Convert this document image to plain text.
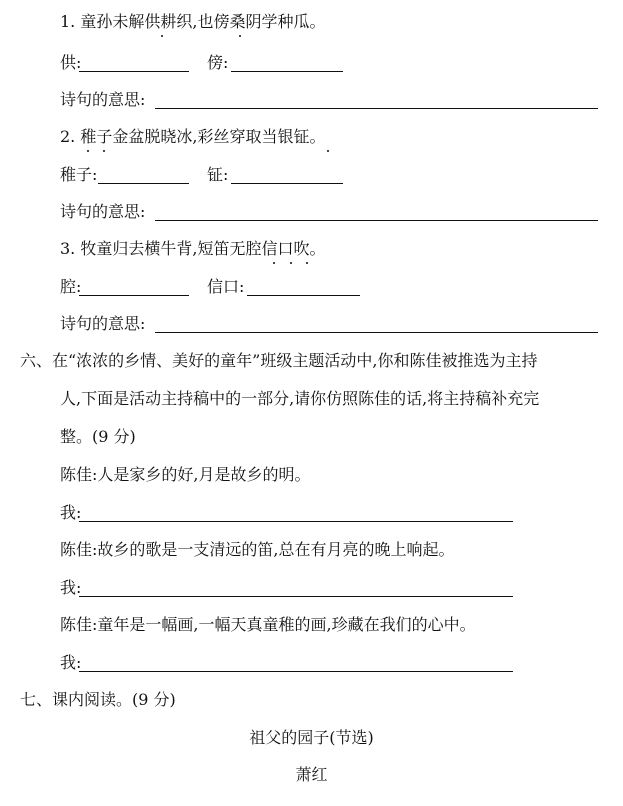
1. 童孙未解供耕织,也傍桑阴学种瓜。
供:	傍:
诗句的意思:
2. 稚子金盆脱晓冰,彩丝穿取当银钲。
稚子:	钲:
诗句的意思:
3. 牧童归去横牛背,短笛无腔信口吹。
腔:	信口:
诗句的意思:
六、在“浓浓的乡情、美好的童年”班级主题活动中,你和陈佳被推选为主持
人,下面是活动主持稿中的一部分,请你仿照陈佳的话,将主持稿补充完
整。(9 分)
陈佳:人是家乡的好,月是故乡的明。
我:
陈佳:故乡的歌是一支清远的笛,总在有月亮的晚上响起。
我:
陈佳:童年是一幅画,一幅天真童稚的画,珍藏在我们的心中。
我:
七、课内阅读。(9 分)
祖父的园子(节选)
萧红
